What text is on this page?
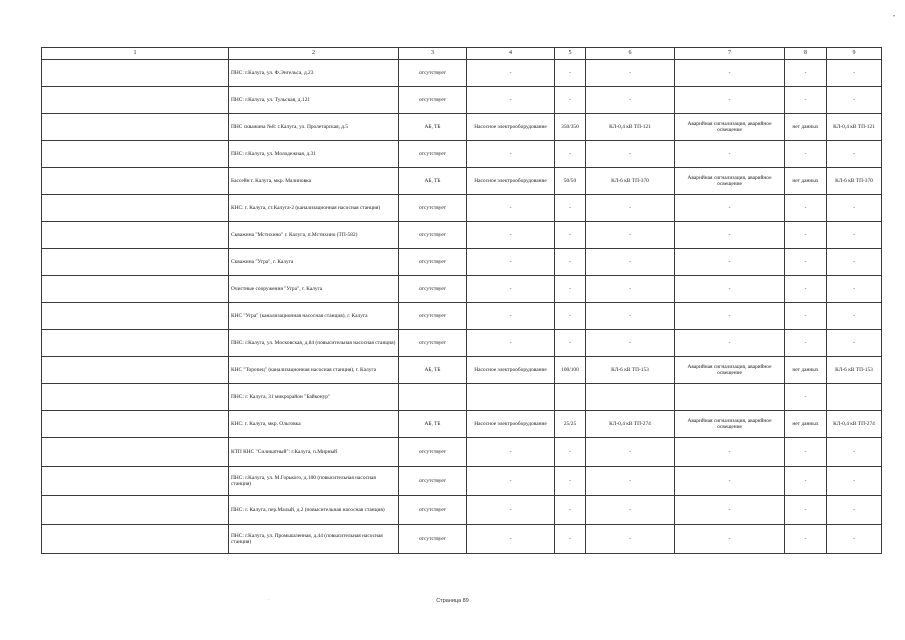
•
1	2	3	4	5	6	7	8	9
	ПНС: г.Калуга, ул. Ф.Энгельса, д.23	отсутствует	-	-	-	-	-	-
	ПНС: г.Калуга, ул. Тульская, д.121	отсутствует	-	-	-	-	-	-
	ПНС скважина №8: г.Калуга, ул. Пролетарская, д.5	АБ, ТБ	Насосное электрооборудование	350/350	КЛ-0,4 кВ ТП-121	Аварийная сигнализация, аварийное освещение	нет данных	КЛ-0,4 кВ ТП-121
	ПНС: г.Калуга, ул. Молодежная, д.31	отсутствует	-	-	-	-	-	-
	Бассейн г. Калуга, мкр. Малиновка	АБ, ТБ	Насосное электрооборудование	50/50	КЛ-6 кВ ТП-370	Аварийная сигнализация, аварийное освещение	нет данных	КЛ-6 кВ ТП-370
	КНС: г. Калуга, ст.Калуга-2 (канализационная насосная станция)	отсутствует	-	-	-	-	-	-
	Скважина "Мстихино" г. Калуга, п.Мстихино (ТП-582)	отсутствует	-	-	-	-	-	-
	Скважина "Угра", г. Калуга	отсутствует	-	-	-	-	-	-
	Очистные сооружения "Угра", г. Калуга	отсутствует	-	-	-	-	-	-
	КНС "Угра" (канализационная насосная станция), г. Калуга	отсутствует	-	-	-	-	-	-
	ПНС: г.Калуга, ул. Московская, д.84 (повысительная насосная станция)	отсутствует	-	-	-	-	-	-
	КНС "Торопец" (канализационная насосная станция), г. Калуга	АБ, ТБ	Насосное электрооборудование	100/100	КЛ-6 кВ ТП-153	Аварийная сигнализация, аварийное освещение	нет данных	КЛ-6 кВ ТП-153
	ПНС: г. Калуга, 31 микрорайон "Байконур"						-	
	КНС: г. Калуга, мкр. Ольговка	АБ, ТБ	Насосное электрооборудование	25/25	КЛ-0,4 кВ ТП-274	Аварийная сигнализация, аварийное освещение	нет данных	КЛ-0,4 кВ ТП-274
	КТП КНС "Силикатный": г.Калуга, п.Мирный	отсутствует	-	-	-	-	-	-
	ПНС: г.Калуга, ул. М.Горького, д.100 (повысительная насосная станция)	отсутствует	-	-	-	-	-	-
	ПНС: г. Калуга, пер.Малый, д.2 (повысительная насосная станция)	отсутствует	-	-	-	-	-	-
	ПНС: г.Калуга, ул. Промышленная, д.44 (повысительная насосная станция)	отсутствует	-	-	-	-	-	-
·	Страница 89
